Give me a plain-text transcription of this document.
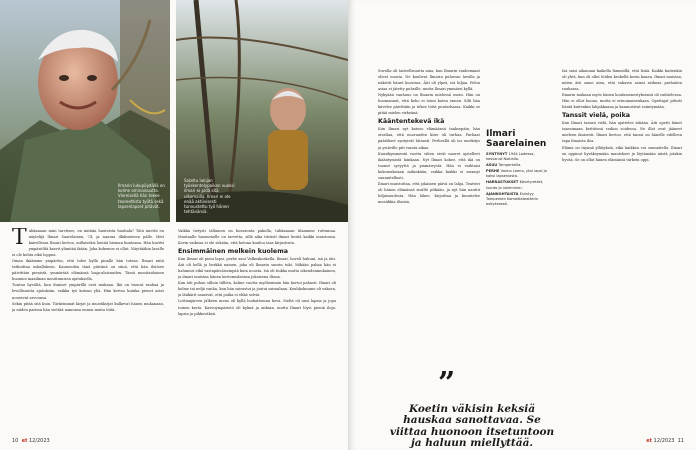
Ilmarin lukupöydällä on kolme ominaisuutta. Viereisellä hän tekee teoreettista työtä sekä lapsenlapset pitävät.
Salattu lukijan työskentelypaikan vuoksi ilmari ei pidä sitä ulkomailla. Ilmari ei ole enää aktiivisesti tunnustettu työ hänen tehtävänsä.

Tuhkanaan mini tarvitsee, en mitään huuteista huuhala? Tätä miettii en näytelijä Ilmari Saarelainen, 74, ja nauraa ilkikuriseen pälle. Heti kaivellessa Ilmari kertoo, millaiseksi lentää hieman kuntunsa. Hän kuvitti ympäröiltä kasvit ylimitää ikään. Joka kokemus ei ollut. Näyttääkin lavalle ei ole kohta eikä loppua.

Oman ikäämme ympäröin, että tulee kyllä pinalle hän toteaa. Ilmari mitä tarkoittaa uskalluksen. Kauneuden tänä päivänä on siinä, että hän iloitsee päivittäin pienistä, ymmärtää elämänsä laaja-alaisuuden. Tässä monitaidoinen huomioi maailman muuttumisen ajatuksella.

Tuntuu hyvältä, kun ihmiset ympärillä ovat mukana. Ikä on tuonut rauhaa ja levollisuutta ajatuksiin, vaikka työ kutsuu yhä. Hän kertoo kuinka pienet asiat nousevat arvoonsa.

Sekin pitää sitä kuin. Tärkeimmät kirjat ja muistikirjat kulkevat hänen mukanaan, ja niiden parissa hän viettää aamunsa ennen muita töitä.

Vaikka tietysti tällainen on huvaronta pakolla, tuhkanaan tilaamme ruttumaa. Muutaalle huomenelle on tarvetta, sillä aika tiiviisti ilmari kerää kaikki muistonsa. Kovin vaikeaa ei ole sekään, että kotona kuuluu taas kirjastosta.

Ensimmäinen melkein kuolema

Kun Ilmari oli pieni lapsi, perhe asui Valkeakoskella. Ilmari, hoveli huhuni, isä ja äiti. Äiti oli hellä ja herkkä nainen, joka eli Ilmarin suurin tuki. Mikään pahaa hän ei halunnut eikä vastapäiväisempää kuin nousta. Isä oli tiukka mutta oikeudenmukainen, ja ilmari muistaa hänen kertomuksensa jokaisena iltana.

Kun äiti puhuu silloin tällöin, kolme vuotta myöhemmin hän kertoi pahasti. Ilmari oli kolme tai neljä vanha, kun hän sairastui ja joutui sairaalaan. Keuhkokuume oli vakava, ja lääkärit sanoivat, että poika ei ehkä selviä.

Lottianjärven jälkeen meno oli kyllä luokattoman kova. Sieltä oli uusi lapsia ja jopa toinen kerta. Kasvuympäristö oli kylmä ja ankara, mutta Ilmari löysi pieniä iloja: lapsia ja pikkuväkeä.

10 et 12/2023

Suvulla oli taiteellisuutta aina, kun Ilmarin vanhemmat olivat nuoria. Ne kuulivat Ilmarin puhuvan lavalla ja näkivät hänet kuorissa. Äiti oli ylpeä, isä hiljaa. Pelon asiaa ei jätetty puheille, mutta Ilmari ymmärsi kyllä.

Nykyään vanhuus on Ilmarin mielessä usein. Hän on huomannut, että keho ei toimi kuten ennen. Silti hän kävelee päivittäin ja tekee töitä puutarhassa. Kaikki se pitää mielen virkeänä.

Kääntentekevä ikä

Kun Ilmari nyt katsoo elämäänsä taaksepäin, hän oivaltaa, että nuoruuden kiire oli turhaa. Parhaat päätökset syntyivät hitaasti. Perheellä oli iso merkitys ja ystäville piti varata aikaa.

Kuusikymmentä vuotta sitten eivät nuoret ajatelleet ikääntymistä lainkaan. Nyt Ilmari kokee, että ikä on tuonut syvyyttä ja ymmärrystä. Hän ei vaihtaisi kokemuksiaan mihinkään, vaikka kaikki ei mennyt suunnitellusti.

Ilmari muistuttaa, että jokainen päivä on lahja. Teatteri oli hänen elämänsä sisältö pitkään, ja nyt hän nauttii hiljaisuudesta. Hän lukee, kirjoittaa ja kuuntelee musiikkia iltaisin.

Ilmari
Saarelainen
SYNTYNYT 1944 Lodessa, kasvanut Nokialla.
ASUU Tampereella.
PERHE Vaimo Leena, yksi lapsi ja kaksi lapsenlasta.
HARRASTUKSET Kävelyretket, luonto ja lukeminen.
AJANKOHTAISTA Esiintyy Tampereen Komediateatterin esityksessä.
”
Koetin väkisin keksiä hauskaa sanottavaa. Se viittaa huonoon itsetuntoon ja haluun miellyttää.

Isä saisi aikanaan kaikella lämmöllä, että lisää. Kaikki kuitenkin oli yhtä, kun oli ollut töiden keskellä kovin kauan. Ilmari muistaa, miten äiti sanoi aina, että vakavin asiasi ratkeaa parhaiten rauhassa.

Ilmarin mukaan myös hänen koulumenestyksensä oli vaihtelevaa. Hän ei ollut huono, mutta ei erinomainenkaan. Opettajat pitivät häntä kuitenkin lahjakkaana ja kannustivat esiintymään.

Tanssit vielä, poika

Kun Ilmari tanssii vielä, hän ajattelee äitiään. Äiti opetti hänet tanssimaan keittiössä radion soidessa. Ne illat ovat jääneet mieleen ikuisesti. Ilmari kertoo, että tanssi on hänelle edelleen tapa ilmaista iloa.

Elämä on täynnä yllätyksiä, eikä kaikkea voi suunnitella. Ilmari on oppinut hyväksymään muutokset ja löytämään niistä jotakin hyvää. Se on ollut hänen elämänsä tärkein oppi.

et 12/2023 11
